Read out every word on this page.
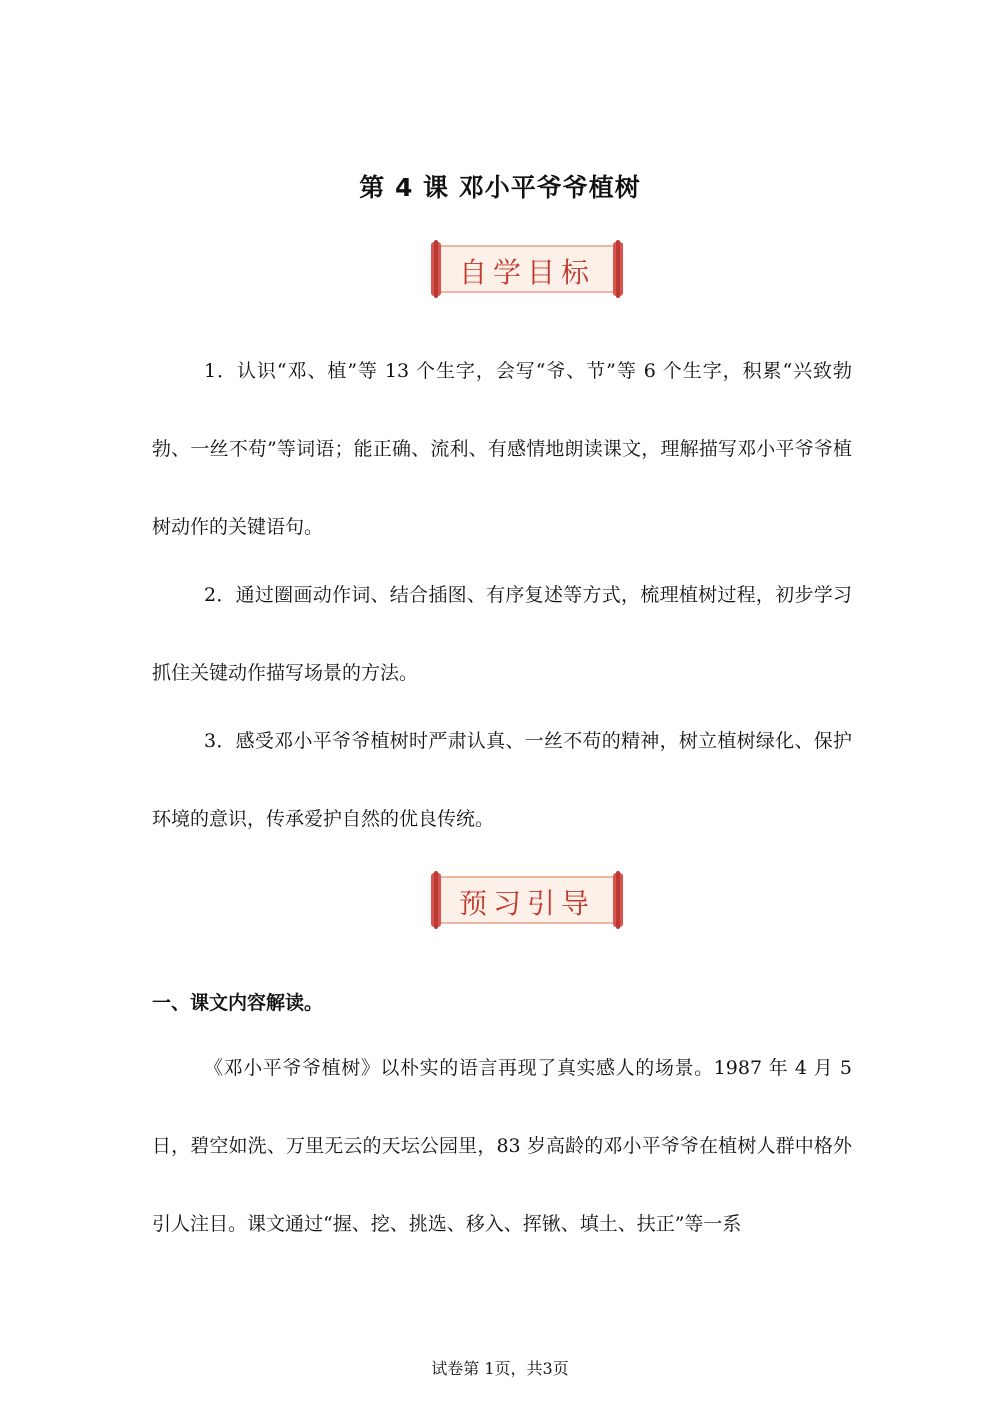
第 4 课 邓小平爷爷植树
自学目标

1．认识“邓、植”等 13 个生字，会写“爷、节”等 6 个生字，积累“兴致勃勃、一丝不苟”等词语；能正确、流利、有感情地朗读课文，理解描写邓小平爷爷植树动作的关键语句。

2．通过圈画动作词、结合插图、有序复述等方式，梳理植树过程，初步学习抓住关键动作描写场景的方法。

3．感受邓小平爷爷植树时严肃认真、一丝不苟的精神，树立植树绿化、保护环境的意识，传承爱护自然的优良传统。

预习引导
一、课文内容解读。

《邓小平爷爷植树》以朴实的语言再现了真实感人的场景。1987 年 4 月 5 日，碧空如洗、万里无云的天坛公园里，83 岁高龄的邓小平爷爷在植树人群中格外引人注目。课文通过“握、挖、挑选、移入、挥锹、填土、扶正”等一系

试卷第 1页，共3页
